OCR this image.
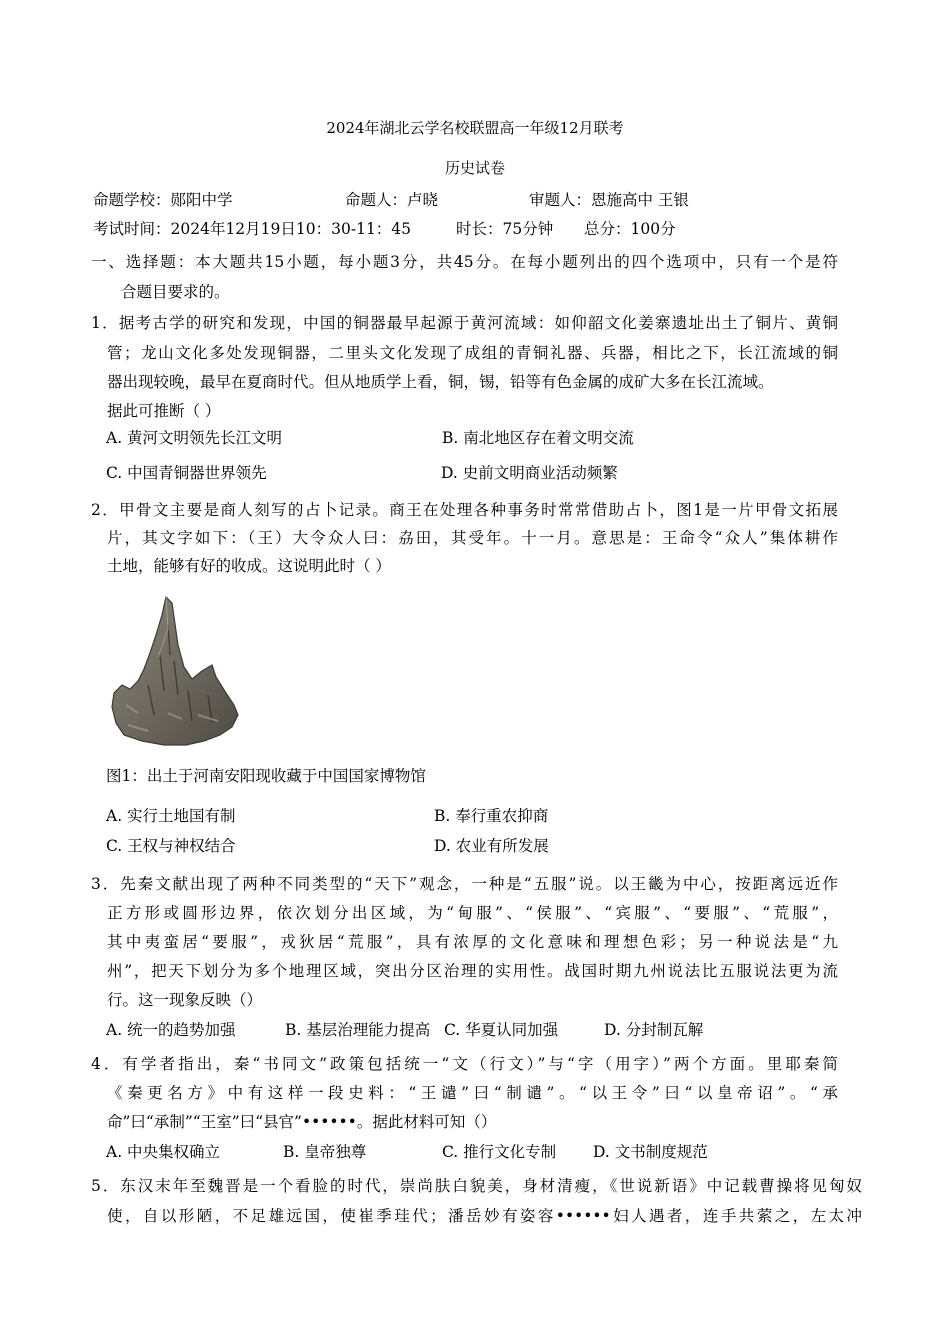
2024年湖北云学名校联盟高一年级12月联考
历史试卷
命题学校：郧阳中学	命题人：卢晓	审题人：恩施高中 王银
考试时间：2024年12月19日10：30-11：45	时长：75分钟 总分：100分
一、选择题：本大题共15小题，每小题3分，共45分。在每小题列出的四个选项中，只有一个是符
合题目要求的。
1．据考古学的研究和发现，中国的铜器最早起源于黄河流域：如仰韶文化姜寨遗址出土了铜片、黄铜
管；龙山文化多处发现铜器，二里头文化发现了成组的青铜礼器、兵器，相比之下，长江流域的铜
器出现较晚，最早在夏商时代。但从地质学上看，铜，锡，铅等有色金属的成矿大多在长江流域。
据此可推断（ ）
A. 黄河文明领先长江文明	B. 南北地区存在着文明交流
C. 中国青铜器世界领先	D. 史前文明商业活动频繁
2．甲骨文主要是商人刻写的占卜记录。商王在处理各种事务时常常借助占卜，图1是一片甲骨文拓展
片，其文字如下：（王）大令众人曰：劦田，其受年。十一月。意思是：王命令“众人”集体耕作
土地，能够有好的收成。这说明此时（ ）
图1：出土于河南安阳现收藏于中国国家博物馆
A. 实行土地国有制	B. 奉行重农抑商
C. 王权与神权结合	D. 农业有所发展
3．先秦文献出现了两种不同类型的“天下”观念，一种是“五服”说。以王畿为中心，按距离远近作
正方形或圆形边界，依次划分出区域，为“甸服”、“侯服”、“宾服”、“要服”、“荒服”，
其中夷蛮居“要服”，戎狄居“荒服”，具有浓厚的文化意味和理想色彩；另一种说法是“九
州”，把天下划分为多个地理区域，突出分区治理的实用性。战国时期九州说法比五服说法更为流
行。这一现象反映（）
A. 统一的趋势加强	B. 基层治理能力提高 C. 华夏认同加强	D. 分封制瓦解
4．有学者指出，秦“书同文”政策包括统一“文（行文）”与“字（用字）”两个方面。里耶秦简
《秦更名方》中有这样一段史料：“王谴”曰“制谴”。“以王令”曰“以皇帝诏”。“承
命”曰“承制”“王室”曰“县官”••••••。据此材料可知（）
A. 中央集权确立	B. 皇帝独尊	C. 推行文化专制 D. 文书制度规范
5．东汉末年至魏晋是一个看脸的时代，崇尚肤白貌美，身材清瘦，《世说新语》中记载曹操将见匈奴
使，自以形陋，不足雄远国，使崔季珪代；潘岳妙有姿容••••••妇人遇者，连手共萦之，左太冲
